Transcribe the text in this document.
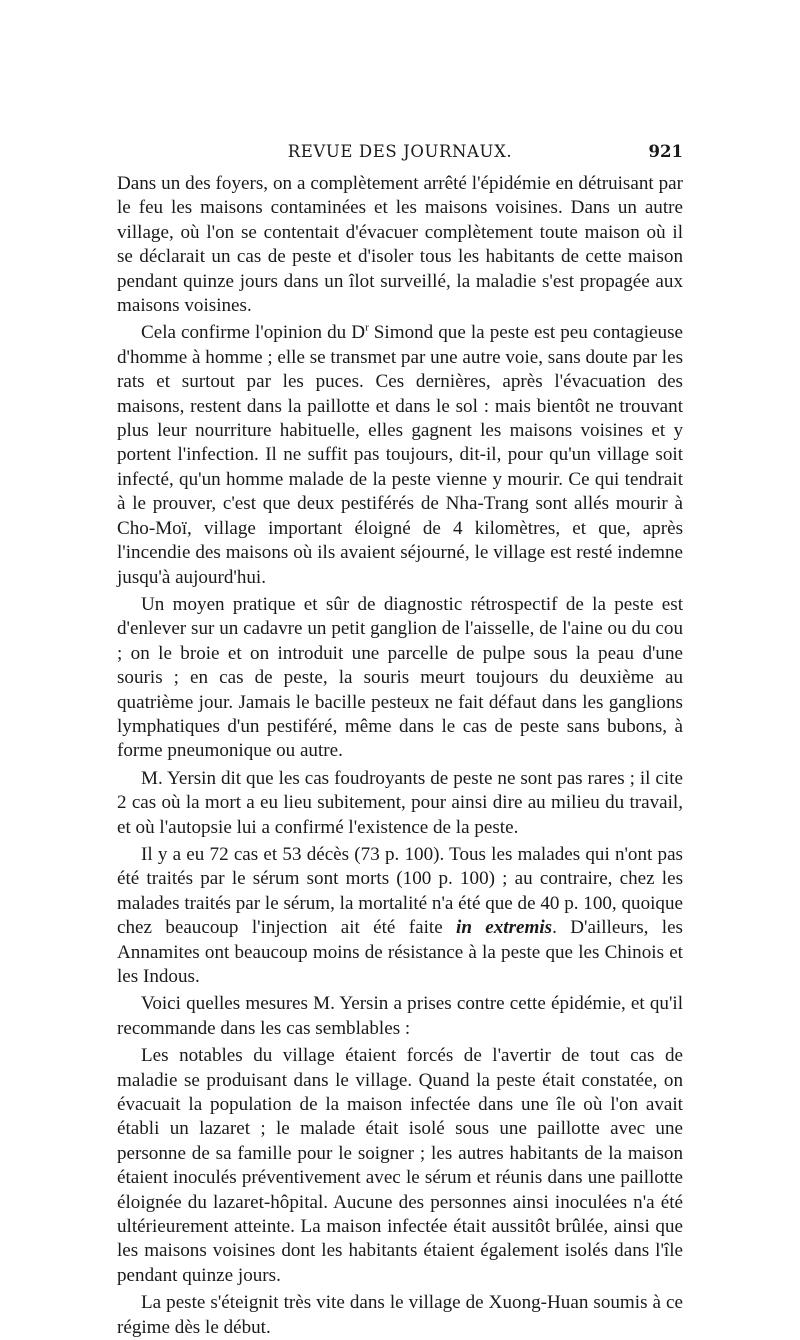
REVUE DES JOURNAUX.	921

Dans un des foyers, on a complètement arrêté l'épidémie en détruisant par le feu les maisons contaminées et les maisons voisines. Dans un autre village, où l'on se contentait d'évacuer complètement toute maison où il se déclarait un cas de peste et d'isoler tous les habitants de cette maison pendant quinze jours dans un îlot surveillé, la maladie s'est propagée aux maisons voisines.

Cela confirme l'opinion du $D^r$ Simond que la peste est peu contagieuse d'homme à homme ; elle se transmet par une autre voie, sans doute par les rats et surtout par les puces. Ces dernières, après l'évacuation des maisons, restent dans la paillotte et dans le sol : mais bientôt ne trouvant plus leur nourriture habituelle, elles gagnent les maisons voisines et y portent l'infection. Il ne suffit pas toujours, dit-il, pour qu'un village soit infecté, qu'un homme malade de la peste vienne y mourir. Ce qui tendrait à le prouver, c'est que deux pestiférés de Nha-Trang sont allés mourir à Cho-Moï, village important éloigné de 4 kilomètres, et que, après l'incendie des maisons où ils avaient séjourné, le village est resté indemne jusqu'à aujourd'hui.

Un moyen pratique et sûr de diagnostic rétrospectif de la peste est d'enlever sur un cadavre un petit ganglion de l'aisselle, de l'aine ou du cou ; on le broie et on introduit une parcelle de pulpe sous la peau d'une souris ; en cas de peste, la souris meurt toujours du deuxième au quatrième jour. Jamais le bacille pesteux ne fait défaut dans les ganglions lymphatiques d'un pestiféré, même dans le cas de peste sans bubons, à forme pneumonique ou autre.

M. Yersin dit que les cas foudroyants de peste ne sont pas rares ; il cite 2 cas où la mort a eu lieu subitement, pour ainsi dire au milieu du travail, et où l'autopsie lui a confirmé l'existence de la peste.

Il y a eu 72 cas et 53 décès (73 p. 100). Tous les malades qui n'ont pas été traités par le sérum sont morts (100 p. 100) ; au contraire, chez les malades traités par le sérum, la mortalité n'a été que de 40 p. 100, quoique chez beaucoup l'injection ait été faite in extremis. D'ailleurs, les Annamites ont beaucoup moins de résistance à la peste que les Chinois et les Indous.

Voici quelles mesures M. Yersin a prises contre cette épidémie, et qu'il recommande dans les cas semblables :

Les notables du village étaient forcés de l'avertir de tout cas de maladie se produisant dans le village. Quand la peste était constatée, on évacuait la population de la maison infectée dans une île où l'on avait établi un lazaret ; le malade était isolé sous une paillotte avec une personne de sa famille pour le soigner ; les autres habitants de la maison étaient inoculés préventivement avec le sérum et réunis dans une paillotte éloignée du lazaret-hôpital. Aucune des personnes ainsi inoculées n'a été ultérieurement atteinte. La maison infectée était aussitôt brûlée, ainsi que les maisons voisines dont les habitants étaient également isolés dans l'île pendant quinze jours.

La peste s'éteignit très vite dans le village de Xuong-Huan soumis à ce régime dès le début.
